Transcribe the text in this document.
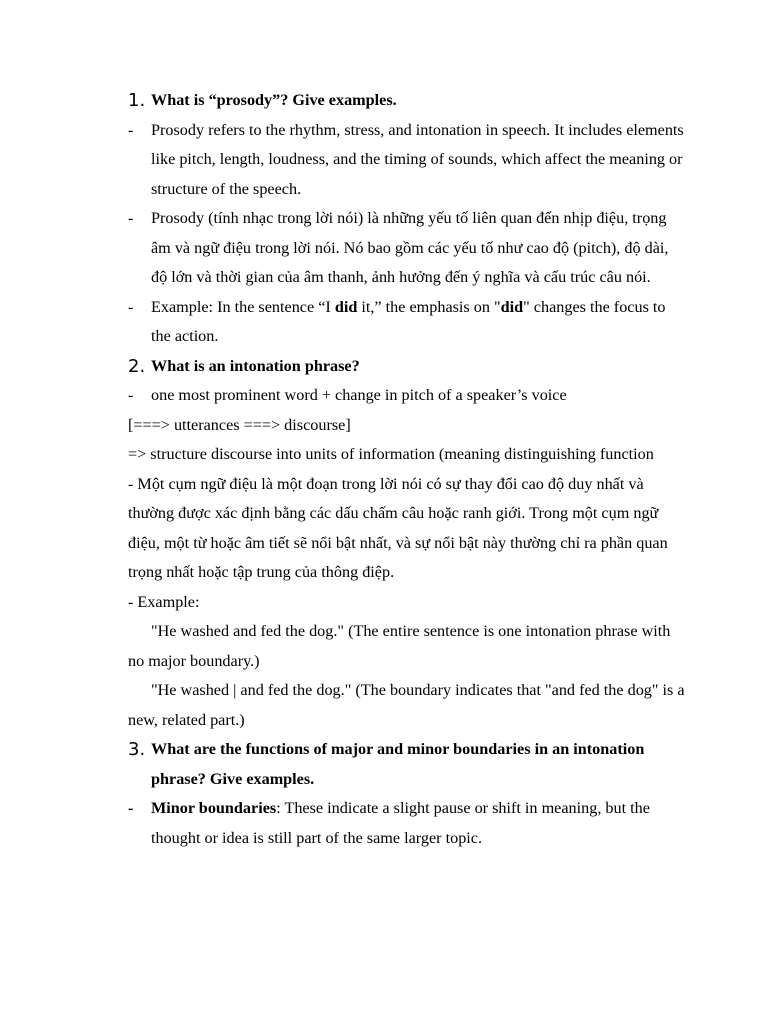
1. What is “prosody”? Give examples.
- Prosody refers to the rhythm, stress, and intonation in speech. It includes elements like pitch, length, loudness, and the timing of sounds, which affect the meaning or structure of the speech.
- Prosody (tính nhạc trong lời nói) là những yếu tố liên quan đến nhịp điệu, trọng âm và ngữ điệu trong lời nói. Nó bao gồm các yếu tố như cao độ (pitch), độ dài, độ lớn và thời gian của âm thanh, ảnh hưởng đến ý nghĩa và cấu trúc câu nói.
- Example: In the sentence “I did it,” the emphasis on "did" changes the focus to the action.
2. What is an intonation phrase?
- one most prominent word + change in pitch of a speaker’s voice
[===> utterances ===> discourse]
=> structure discourse into units of information (meaning distinguishing function
- Một cụm ngữ điệu là một đoạn trong lời nói có sự thay đổi cao độ duy nhất và thường được xác định bằng các dấu chấm câu hoặc ranh giới. Trong một cụm ngữ điệu, một từ hoặc âm tiết sẽ nổi bật nhất, và sự nổi bật này thường chỉ ra phần quan trọng nhất hoặc tập trung của thông điệp.
- Example:
"He washed and fed the dog." (The entire sentence is one intonation phrase with no major boundary.)
"He washed | and fed the dog." (The boundary indicates that "and fed the dog" is a new, related part.)
3. What are the functions of major and minor boundaries in an intonation phrase? Give examples.
- Minor boundaries: These indicate a slight pause or shift in meaning, but the thought or idea is still part of the same larger topic.
